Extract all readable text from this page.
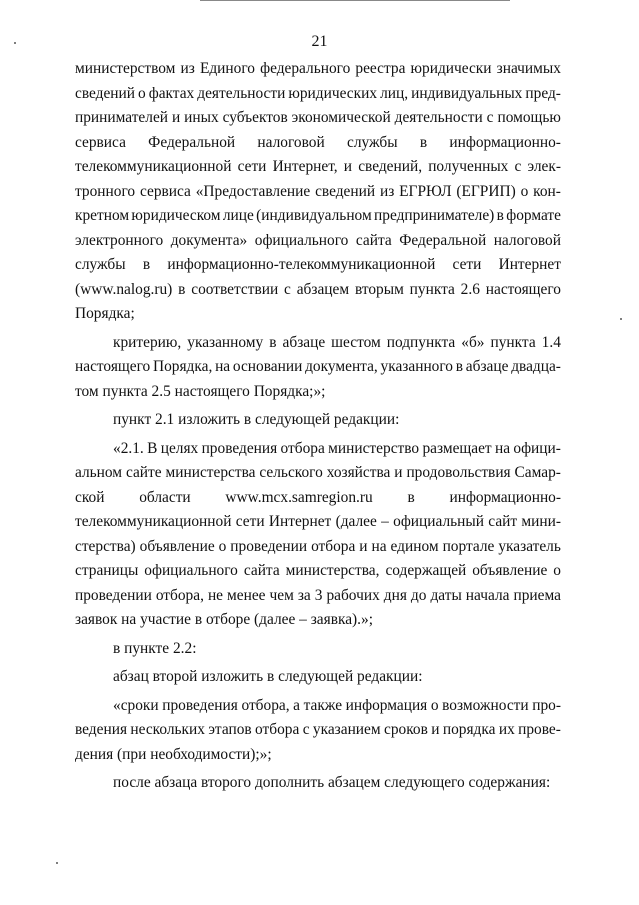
21
министерством из Единого федерального реестра юридически значимых
сведений о фактах деятельности юридических лиц, индивидуальных пред-
принимателей и иных субъектов экономической деятельности с помощью
сервиса Федеральной налоговой службы в информационно-
телекоммуникационной сети Интернет, и сведений, полученных с элек-
тронного сервиса «Предоставление сведений из ЕГРЮЛ (ЕГРИП) о кон-
кретном юридическом лице (индивидуальном предпринимателе) в формате
электронного документа» официального сайта Федеральной налоговой
службы в информационно-телекоммуникационной сети Интернет
(www.nalog.ru) в соответствии с абзацем вторым пункта 2.6 настоящего
Порядка;
критерию, указанному в абзаце шестом подпункта «б» пункта 1.4
настоящего Порядка, на основании документа, указанного в абзаце двадца-
том пункта 2.5 настоящего Порядка;»;
пункт 2.1 изложить в следующей редакции:
«2.1. В целях проведения отбора министерство размещает на офици-
альном сайте министерства сельского хозяйства и продовольствия Самар-
ской области www.mcx.samregion.ru в информационно-
телекоммуникационной сети Интернет (далее – официальный сайт мини-
стерства) объявление о проведении отбора и на едином портале указатель
страницы официального сайта министерства, содержащей объявление о
проведении отбора, не менее чем за 3 рабочих дня до даты начала приема
заявок на участие в отборе (далее – заявка).»;
в пункте 2.2:
абзац второй изложить в следующей редакции:
«сроки проведения отбора, а также информация о возможности про-
ведения нескольких этапов отбора с указанием сроков и порядка их прове-
дения (при необходимости);»;
после абзаца второго дополнить абзацем следующего содержания:
